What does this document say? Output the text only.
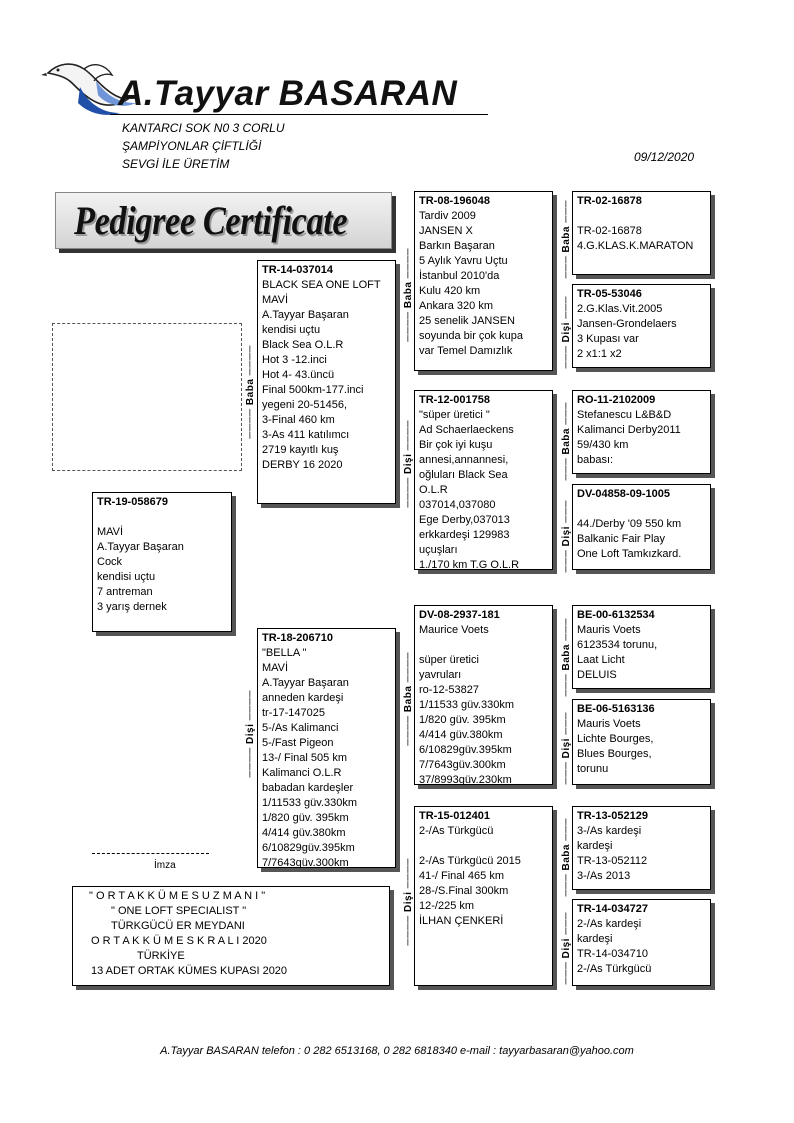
A.Tayyar BASARAN
KANTARCI SOK N0 3 CORLU
ŞAMPİYONLAR ÇİFTLİĞİ
SEVGİ İLE ÜRETİM	09/12/2020
Pedigree Certificate
TR-19-058679
MAVİ
A.Tayyar Başaran
Cock
kendisi uçtu
7 antreman
3 yarış dernek
TR-14-037014
BLACK SEA ONE LOFT
MAVİ
A.Tayyar Başaran
kendisi uçtu
Black Sea O.L.R
Hot 3 -12.inci
Hot 4- 43.üncü
Final 500km-177.inci
yegeni 20-51456,
3-Final 460 km
3-As 411 katılımcı
2719 kayıtlı kuş
DERBY 16 2020
TR-18-206710
"BELLA "
MAVİ
A.Tayyar Başaran
anneden kardeşi
tr-17-147025
5-/As Kalimanci
5-/Fast Pigeon
13-/ Final 505 km
Kalimanci O.L.R
babadan kardeşler
1/11533 güv.330km
1/820 güv. 395km
4/414 güv.380km
6/10829güv.395km
7/7643güv.300km
TR-08-196048
Tardiv 2009
JANSEN X
Barkın Başaran
5 Aylık Yavru Uçtu
İstanbul 2010'da
Kulu 420 km
Ankara 320 km
25 senelik JANSEN
soyunda bir çok kupa
var Temel Damızlık
TR-12-001758
"süper üretici "
Ad Schaerlaeckens
Bir çok iyi kuşu
annesi,annannesi,
oğluları Black Sea
O.L.R
037014,037080
Ege Derby,037013
erkkardeşi 129983
uçuşları
1./170 km T.G O.L.R
DV-08-2937-181
Maurice Voets
süper üretici
yavruları
ro-12-53827
1/11533 güv.330km
1/820 güv. 395km
4/414 güv.380km
6/10829güv.395km
7/7643güv.300km
37/8993güv.230km
TR-15-012401
2-/As Türkgücü
2-/As Türkgücü 2015
41-/ Final 465 km
28-/S.Final 300km
12-/225 km
İLHAN ÇENKERİ
TR-02-16878
TR-02-16878
4.G.KLAS.K.MARATON
TR-05-53046
2.G.Klas.Vit.2005
Jansen-Grondelaers
3 Kupası var
2 x1:1 x2
RO-11-2102009
Stefanescu L&B&D
Kalimanci Derby2011
59/430 km
babası:
DV-04858-09-1005
44./Derby '09 550 km
Balkanic Fair Play
One Loft Tamkızkard.
BE-00-6132534
Mauris Voets
6123534 torunu,
Laat Licht
DELUIS
BE-06-5163136
Mauris Voets
Lichte Bourges,
Blues Bourges,
torunu
TR-13-052129
3-/As kardeşi
kardeşi
TR-13-052112
3-/As 2013
TR-14-034727
2-/As kardeşi
kardeşi
TR-14-034710
2-/As Türkgücü
──── Baba ────
──── Dişi ────
──── Baba ────
──── Dişi ────
──── Baba ────
──── Dişi ────
─── Baba ───
─── Dişi ───
─── Baba ───
─── Dişi ───
─── Baba ───
─── Dişi ───
─── Baba ───
─── Dişi ───
İmza
" O R T A K K Ü M E S U Z M A N I "
" ONE LOFT SPECIALIST "
TÜRKGÜCÜ ER MEYDANI
O R T A K K Ü M E S K R A L I 2020
TÜRKİYE
13 ADET ORTAK KÜMES KUPASI 2020
A.Tayyar BASARAN telefon : 0 282 6513168, 0 282 6818340 e-mail : tayyarbasaran@yahoo.com
